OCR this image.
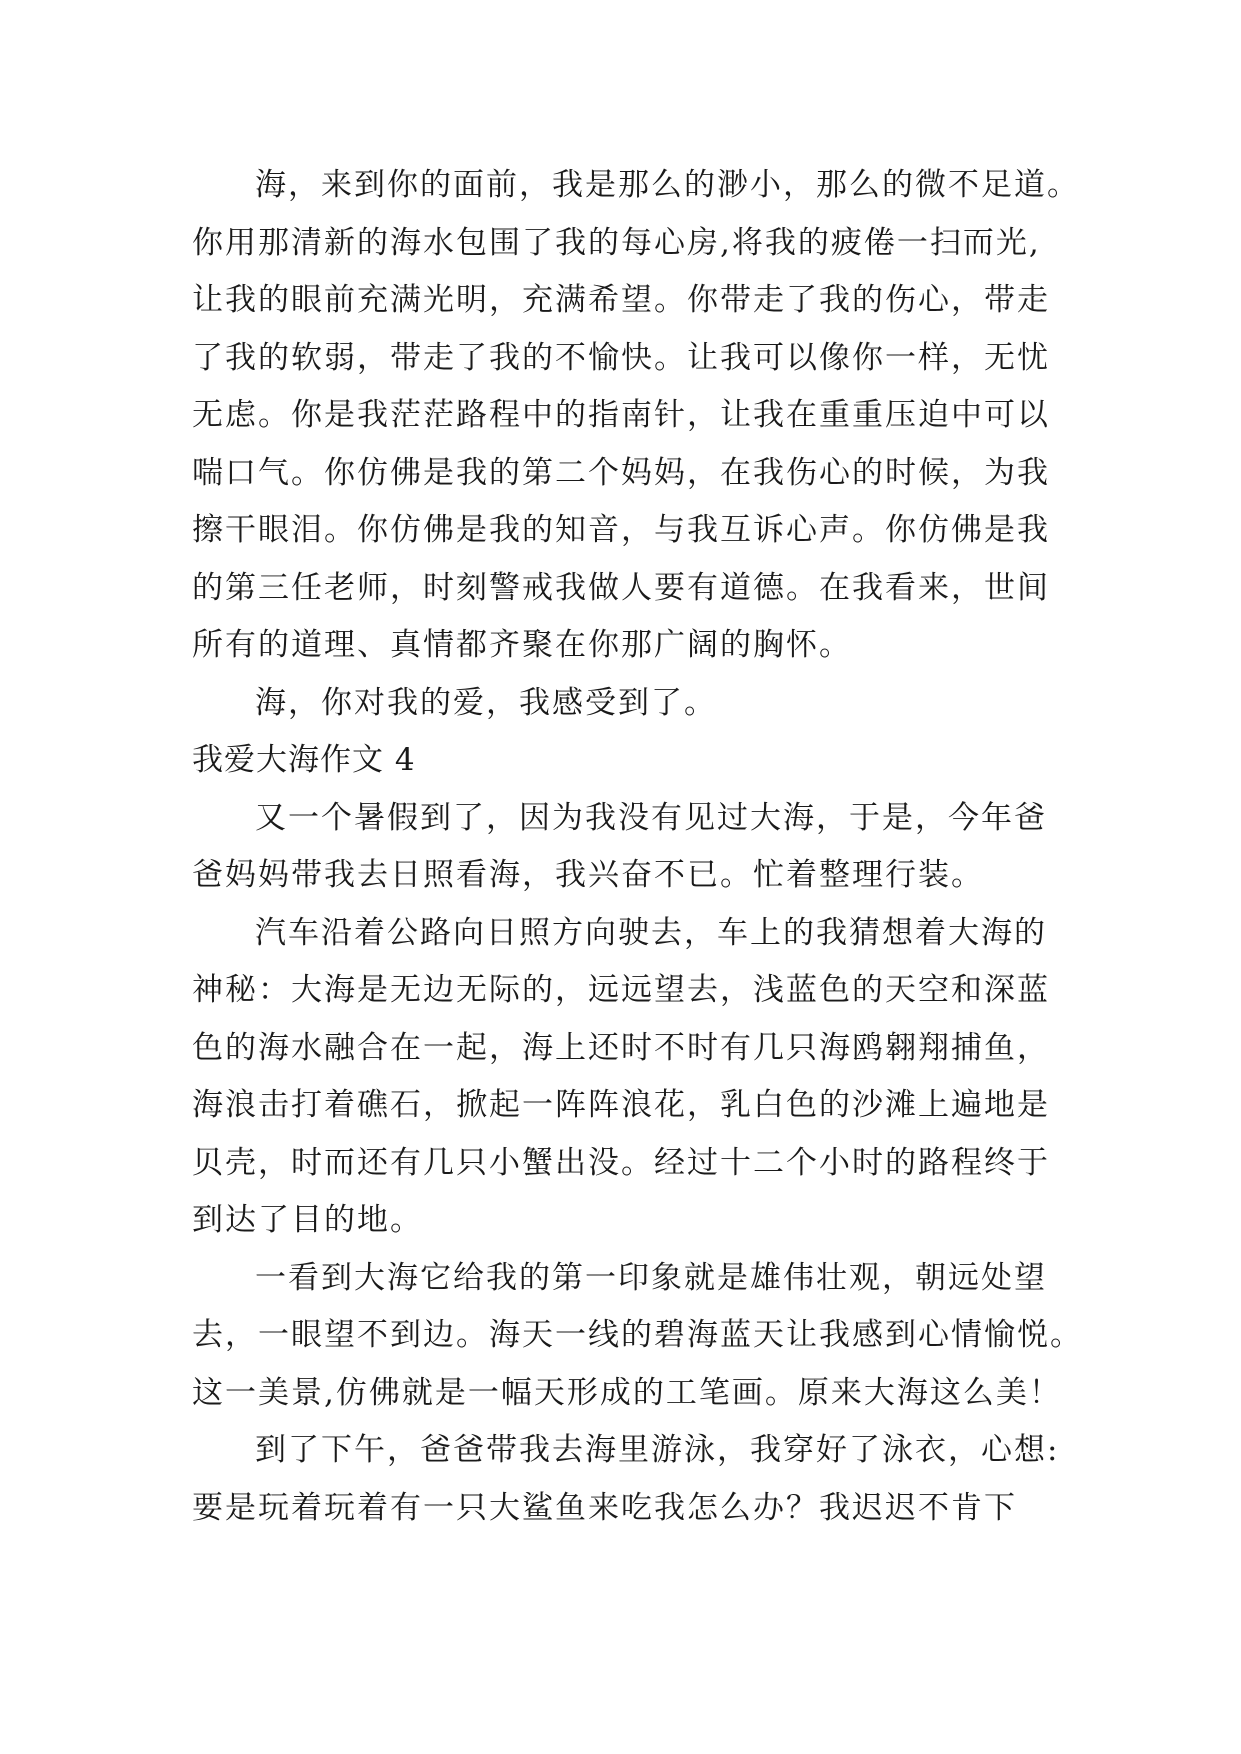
海，来到你的面前，我是那么的渺小，那么的微不足道。
你用那清新的海水包围了我的每心房,将我的疲倦一扫而光,
让我的眼前充满光明，充满希望。你带走了我的伤心，带走
了我的软弱，带走了我的不愉快。让我可以像你一样，无忧
无虑。你是我茫茫路程中的指南针，让我在重重压迫中可以
喘口气。你仿佛是我的第二个妈妈，在我伤心的时候，为我
擦干眼泪。你仿佛是我的知音，与我互诉心声。你仿佛是我
的第三任老师，时刻警戒我做人要有道德。在我看来，世间
所有的道理、真情都齐聚在你那广阔的胸怀。
海，你对我的爱，我感受到了。
我爱大海作文 4
又一个暑假到了，因为我没有见过大海，于是，今年爸
爸妈妈带我去日照看海，我兴奋不已。忙着整理行装。
汽车沿着公路向日照方向驶去，车上的我猜想着大海的
神秘：大海是无边无际的，远远望去，浅蓝色的天空和深蓝
色的海水融合在一起，海上还时不时有几只海鸥翱翔捕鱼，
海浪击打着礁石，掀起一阵阵浪花，乳白色的沙滩上遍地是
贝壳，时而还有几只小蟹出没。经过十二个小时的路程终于
到达了目的地。
一看到大海它给我的第一印象就是雄伟壮观，朝远处望
去，一眼望不到边。海天一线的碧海蓝天让我感到心情愉悦。
这一美景,仿佛就是一幅天形成的工笔画。原来大海这么美！
到了下午，爸爸带我去海里游泳，我穿好了泳衣，心想:
要是玩着玩着有一只大鲨鱼来吃我怎么办？我迟迟不肯下
